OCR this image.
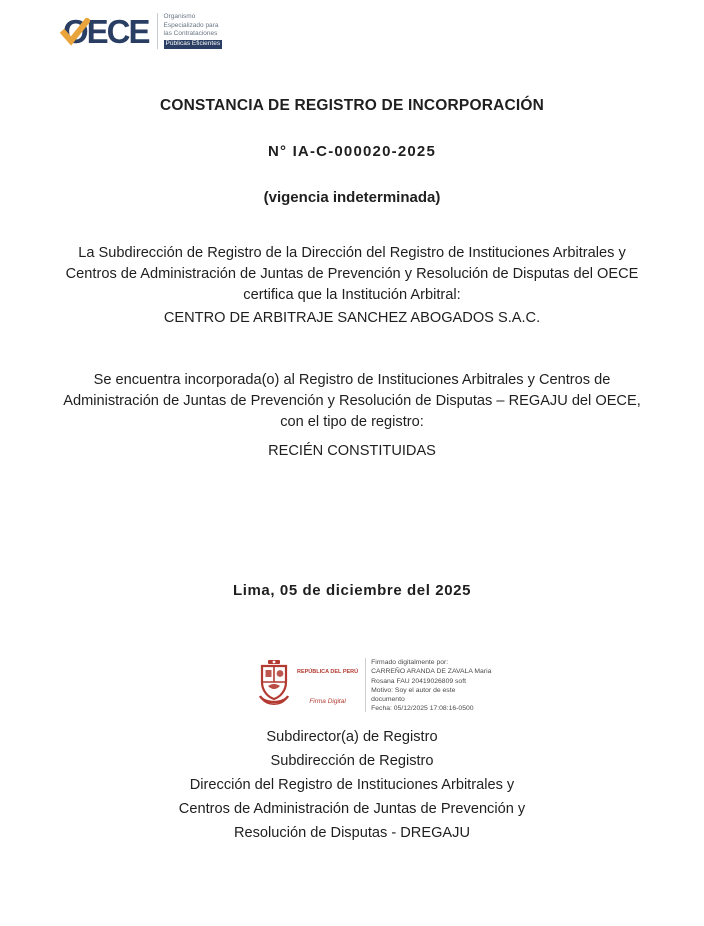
OECE Organismo
Especializado para
las Contrataciones
Públicas Eficientes
CONSTANCIA DE REGISTRO DE INCORPORACIÓN
N° IA-C-000020-2025
(vigencia indeterminada)
La Subdirección de Registro de la Dirección del Registro de Instituciones Arbitrales y Centros de Administración de Juntas de Prevención y Resolución de Disputas del OECE certifica que la Institución Arbitral:
CENTRO DE ARBITRAJE SANCHEZ ABOGADOS S.A.C.
Se encuentra incorporada(o) al Registro de Instituciones Arbitrales y Centros de Administración de Juntas de Prevención y Resolución de Disputas – REGAJU del OECE, con el tipo de registro:
RECIÉN CONSTITUIDAS
Lima, 05 de diciembre del 2025
REPÚBLICA DEL PERÚ
Firma Digital
Firmado digitalmente por:
CARREÑO ARANDA DE ZAVALA Maria
Rosana FAU 20419026809 soft
Motivo: Soy el autor de este
documento
Fecha: 05/12/2025 17:08:16-0500
Subdirector(a) de Registro
Subdirección de Registro
Dirección del Registro de Instituciones Arbitrales y
Centros de Administración de Juntas de Prevención y
Resolución de Disputas - DREGAJU
